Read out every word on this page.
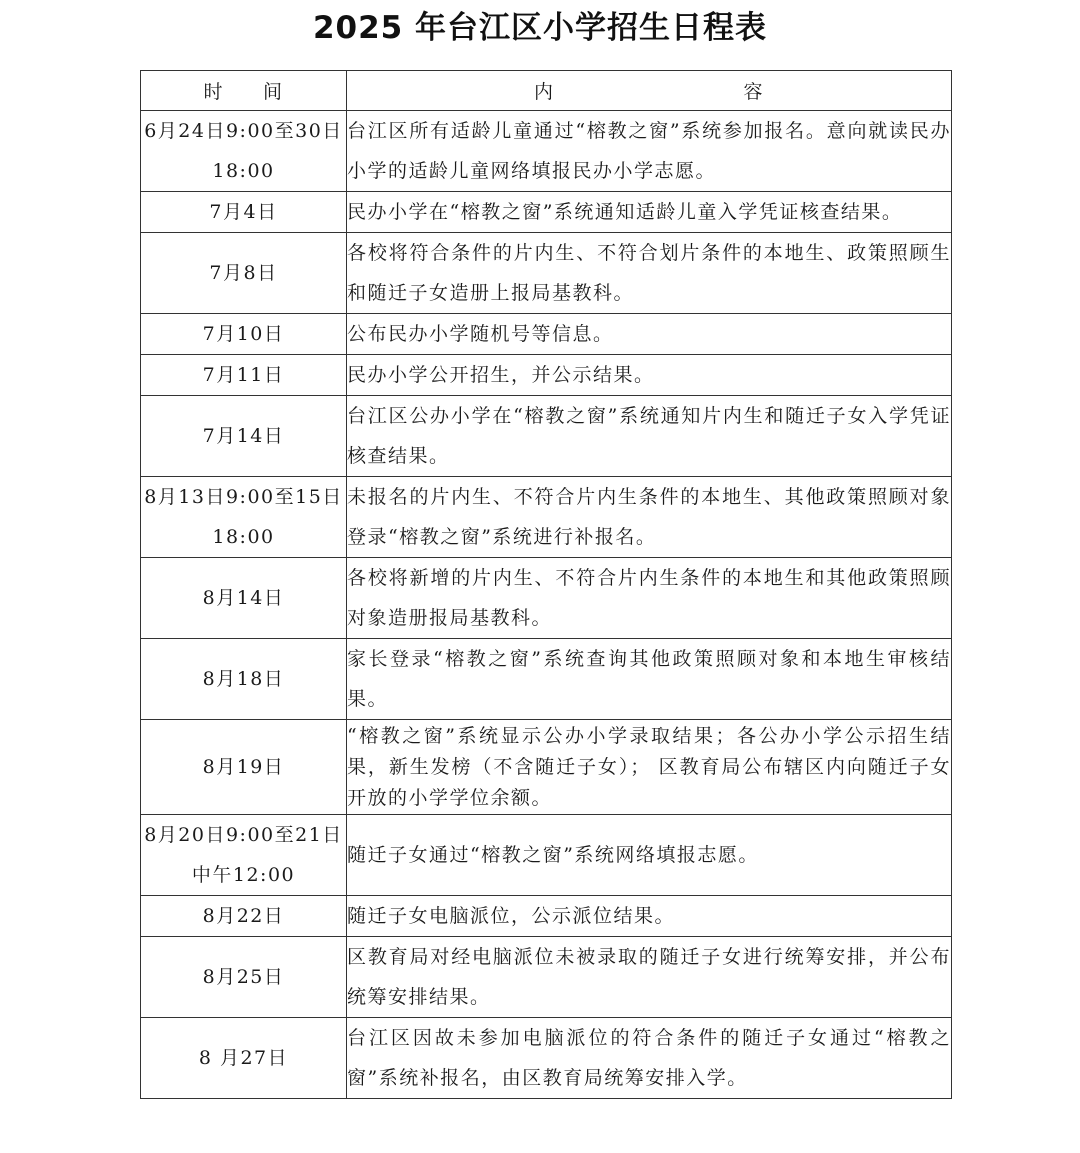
2025 年台江区小学招生日程表
时 间	内 容

6月24日9:00至30日18:00	台江区所有适龄儿童通过“榕教之窗”系统参加报名。意向就读民办小学的适龄儿童网络填报民办小学志愿。
7月4日	民办小学在“榕教之窗”系统通知适龄儿童入学凭证核查结果。
7月8日	各校将符合条件的片内生、不符合划片条件的本地生、政策照顾生和随迁子女造册上报局基教科。
7月10日	公布民办小学随机号等信息。
7月11日	民办小学公开招生，并公示结果。
7月14日	台江区公办小学在“榕教之窗”系统通知片内生和随迁子女入学凭证核查结果。
8月13日9:00至15日18:00	未报名的片内生、不符合片内生条件的本地生、其他政策照顾对象登录“榕教之窗”系统进行补报名。
8月14日	各校将新增的片内生、不符合片内生条件的本地生和其他政策照顾对象造册报局基教科。
8月18日	家长登录“榕教之窗”系统查询其他政策照顾对象和本地生审核结果。
8月19日	“榕教之窗”系统显示公办小学录取结果；各公办小学公示招生结果，新生发榜（不含随迁子女）； 区教育局公布辖区内向随迁子女开放的小学学位余额。
8月20日9:00至21日中午12:00	随迁子女通过“榕教之窗”系统网络填报志愿。
8月22日	随迁子女电脑派位，公示派位结果。
8月25日	区教育局对经电脑派位未被录取的随迁子女进行统筹安排，并公布统筹安排结果。
8 月27日	台江区因故未参加电脑派位的符合条件的随迁子女通过“榕教之窗”系统补报名，由区教育局统筹安排入学。
